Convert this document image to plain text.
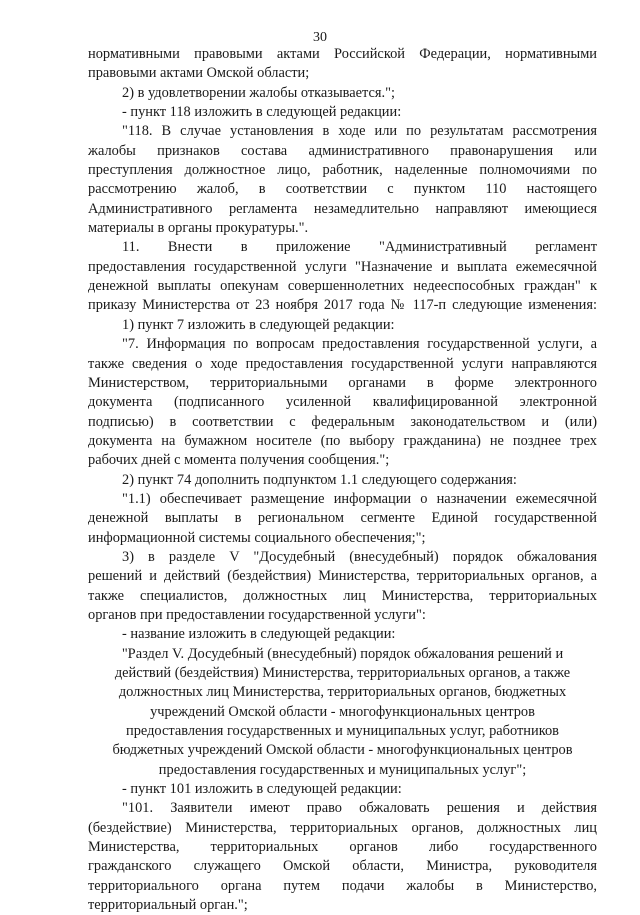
30

нормативными правовыми актами Российской Федерации, нормативными

правовыми актами Омской области;

2) в удовлетворении жалобы отказывается.";

- пункт 118 изложить в следующей редакции:

"118. В случае установления в ходе или по результатам рассмотрения

жалобы признаков состава административного правонарушения или

преступления должностное лицо, работник, наделенные полномочиями по

рассмотрению жалоб, в соответствии с пунктом 110 настоящего

Административного регламента незамедлительно направляют имеющиеся

материалы в органы прокуратуры.".

11. Внести в приложение "Административный регламент

предоставления государственной услуги "Назначение и выплата ежемесячной

денежной выплаты опекунам совершеннолетних недееспособных граждан" к

приказу Министерства от 23 ноября 2017 года № 117-п следующие изменения:

1) пункт 7 изложить в следующей редакции:

"7. Информация по вопросам предоставления государственной услуги, а

также сведения о ходе предоставления государственной услуги направляются

Министерством, территориальными органами в форме электронного

документа (подписанного усиленной квалифицированной электронной

подписью) в соответствии с федеральным законодательством и (или)

документа на бумажном носителе (по выбору гражданина) не позднее трех

рабочих дней с момента получения сообщения.";

2) пункт 74 дополнить подпунктом 1.1 следующего содержания:

"1.1) обеспечивает размещение информации о назначении ежемесячной

денежной выплаты в региональном сегменте Единой государственной

информационной системы социального обеспечения;";

3) в разделе V "Досудебный (внесудебный) порядок обжалования

решений и действий (бездействия) Министерства, территориальных органов, а

также специалистов, должностных лиц Министерства, территориальных

органов при предоставлении государственной услуги":

- название изложить в следующей редакции:

"Раздел V. Досудебный (внесудебный) порядок обжалования решений и

действий (бездействия) Министерства, территориальных органов, а также

должностных лиц Министерства, территориальных органов, бюджетных

учреждений Омской области - многофункциональных центров

предоставления государственных и муниципальных услуг, работников

бюджетных учреждений Омской области - многофункциональных центров

предоставления государственных и муниципальных услуг";

- пункт 101 изложить в следующей редакции:

"101. Заявители имеют право обжаловать решения и действия

(бездействие) Министерства, территориальных органов, должностных лиц

Министерства, территориальных органов либо государственного

гражданского служащего Омской области, Министра, руководителя

территориального органа путем подачи жалобы в Министерство,

территориальный орган.";
